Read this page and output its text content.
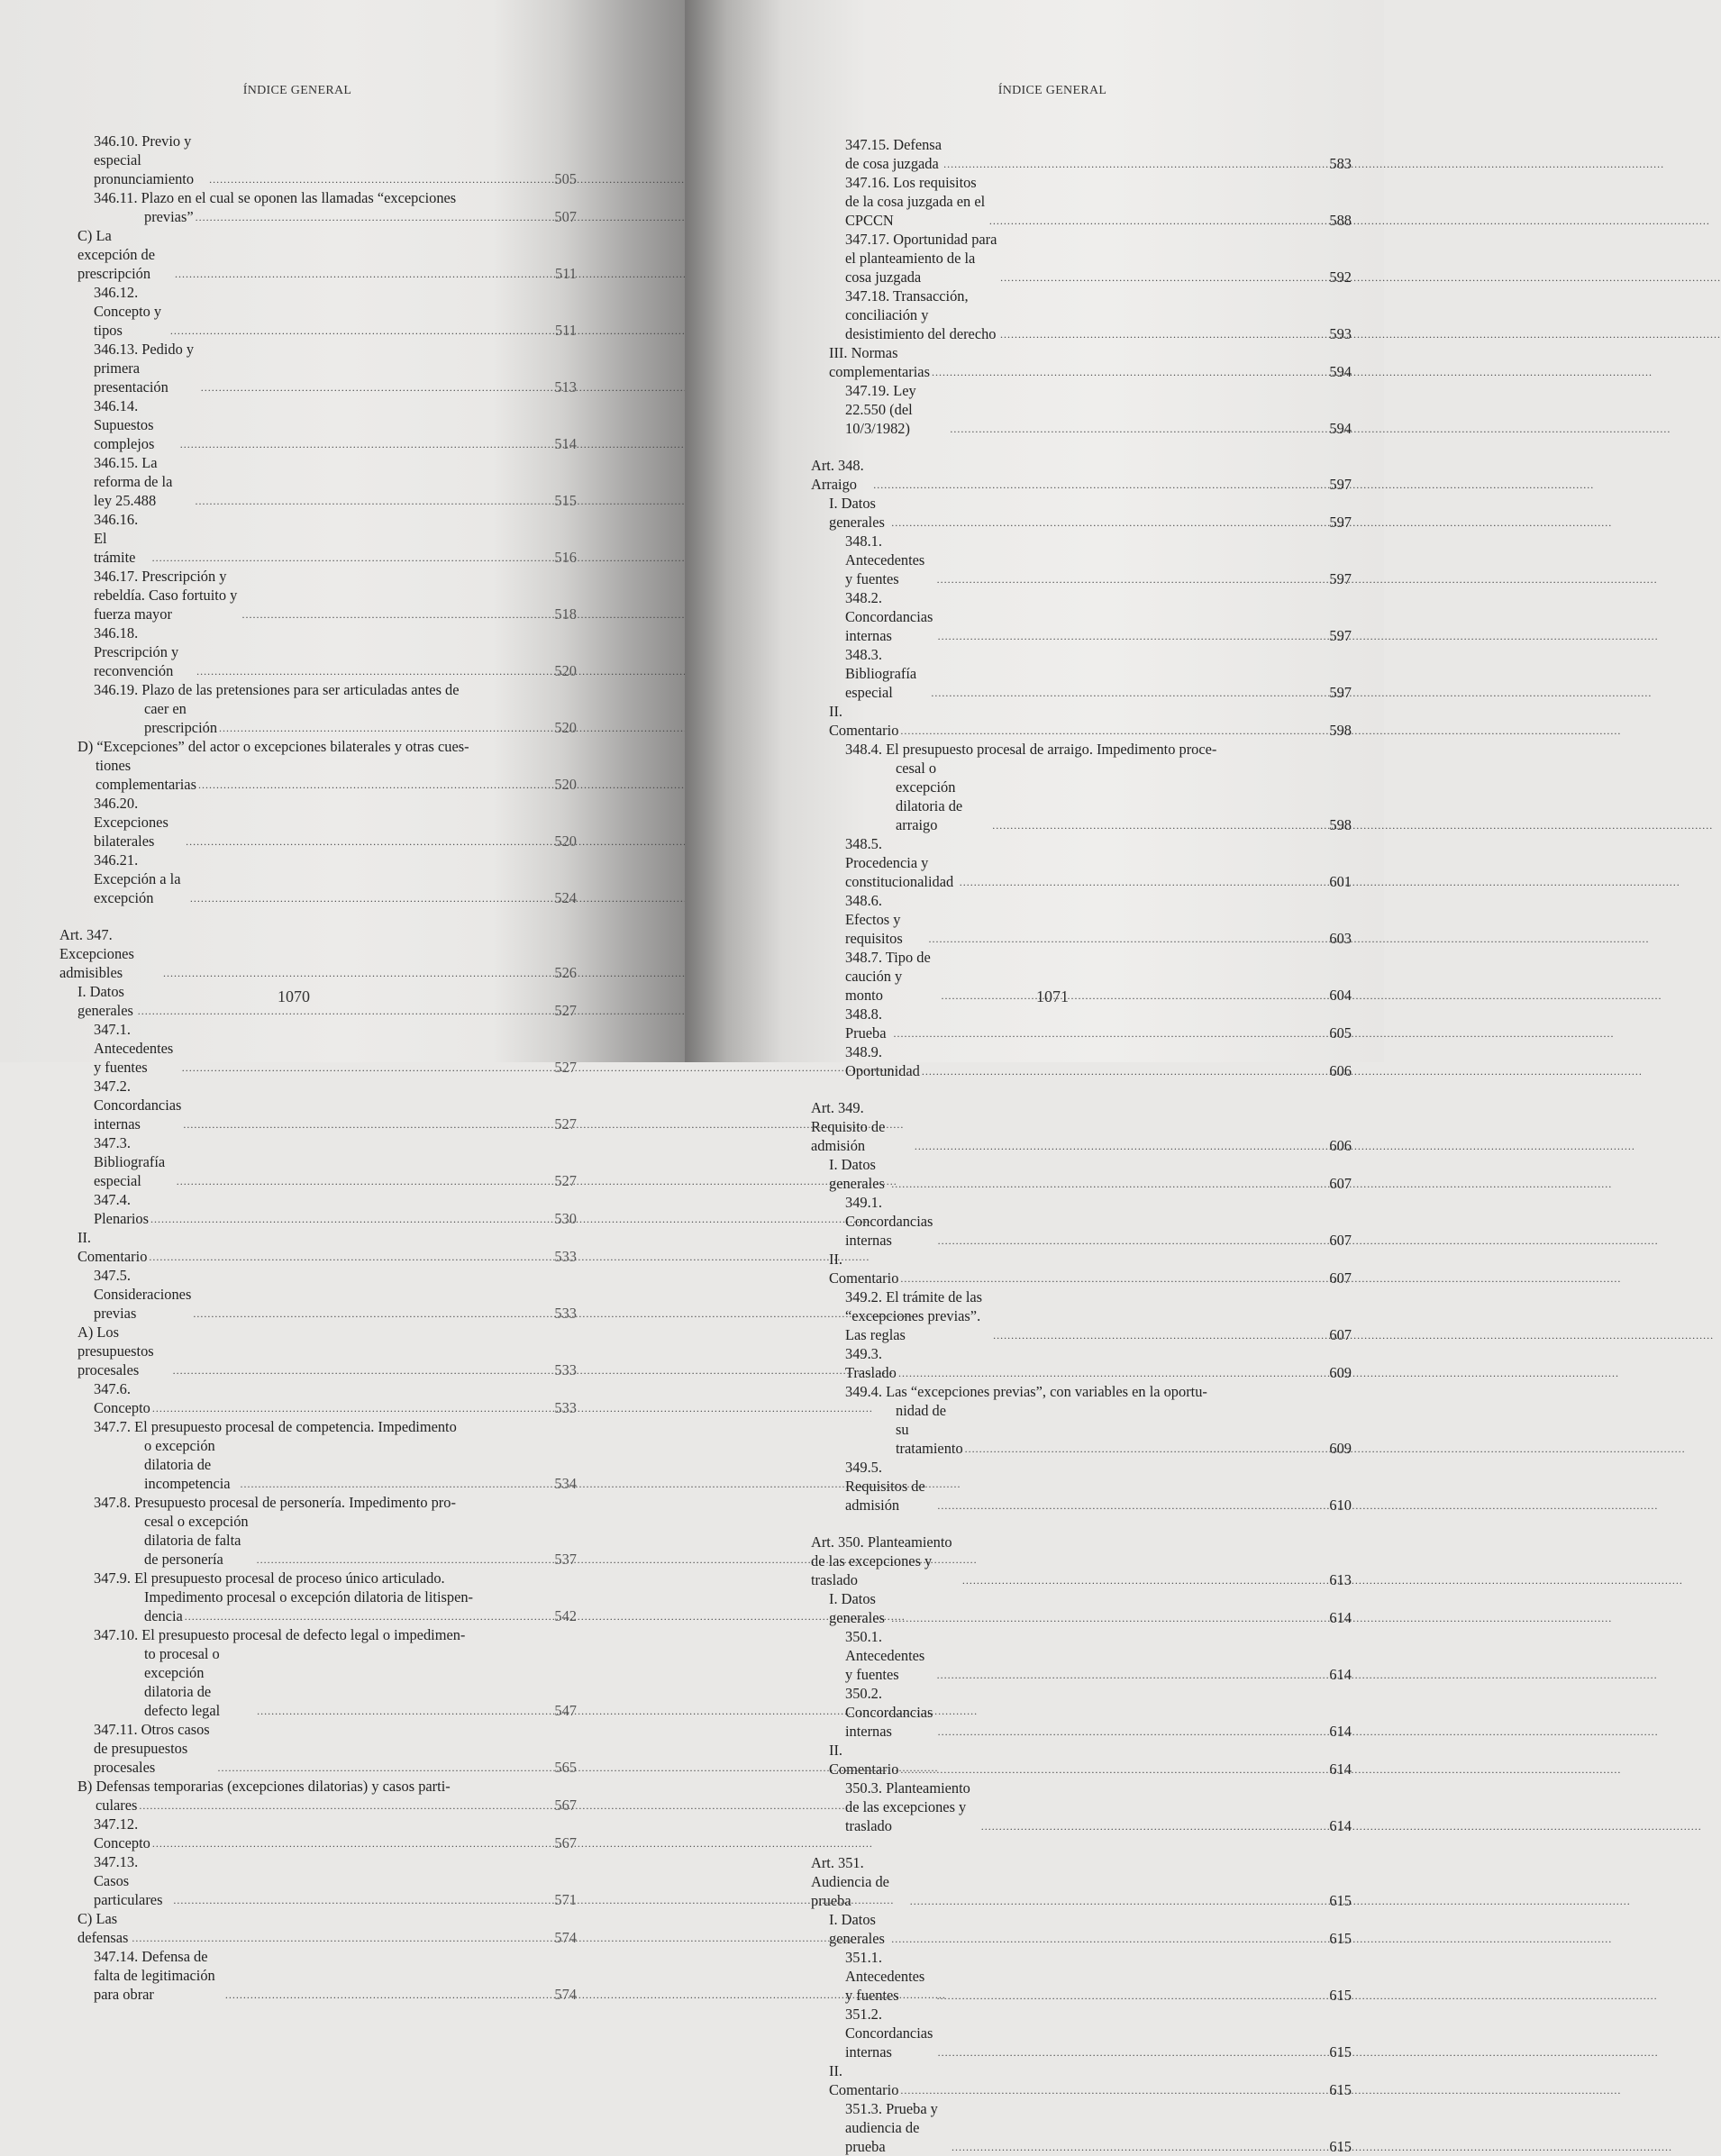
ÍNDICE GENERAL
346.10. Previo y especial pronunciamiento .....	505
346.11. Plazo en el cual se oponen las llamadas “excepciones
previas” .....	507
C) La excepción de prescripción .....	511
346.12. Concepto y tipos .....	511
346.13. Pedido y primera presentación .....	513
346.14. Supuestos complejos .....	514
346.15. La reforma de la ley 25.488 .....	515
346.16. El trámite .....	516
346.17. Prescripción y rebeldía. Caso fortuito y fuerza mayor .....	518
346.18. Prescripción y reconvención .....	520
346.19. Plazo de las pretensiones para ser articuladas antes de
caer en prescripción .....	520
D) “Excepciones” del actor o excepciones bilaterales y otras cues-
tiones complementarias .....	520
346.20. Excepciones bilaterales .....	520
346.21. Excepción a la excepción .....	524
Art. 347. Excepciones admisibles .....	526
I. Datos generales .....	527
347.1. Antecedentes y fuentes .....	527
347.2. Concordancias internas .....	527
347.3. Bibliografía especial .....	527
347.4. Plenarios .....	530
II. Comentario .....	533
347.5. Consideraciones previas .....	533
A) Los presupuestos procesales .....	533
347.6. Concepto .....	533
347.7. El presupuesto procesal de competencia. Impedimento
o excepción dilatoria de incompetencia .....	534
347.8. Presupuesto procesal de personería. Impedimento pro-
cesal o excepción dilatoria de falta de personería .....	537
347.9. El presupuesto procesal de proceso único articulado.
Impedimento procesal o excepción dilatoria de litispen-
dencia .....	542
347.10. El presupuesto procesal de defecto legal o impedimen-
to procesal o excepción dilatoria de defecto legal .....	547
347.11. Otros casos de presupuestos procesales .....	565
B) Defensas temporarias (excepciones dilatorias) y casos parti-
culares .....	567
347.12. Concepto .....	567
347.13. Casos particulares .....	571
C) Las defensas .....	574
347.14. Defensa de falta de legitimación para obrar .....	574
1070
ÍNDICE GENERAL
347.15. Defensa de cosa juzgada .....	583
347.16. Los requisitos de la cosa juzgada en el CPCCN .....	588
347.17. Oportunidad para el planteamiento de la cosa juzgada .....	592
347.18. Transacción, conciliación y desistimiento del derecho .....	593
III. Normas complementarias .....	594
347.19. Ley 22.550 (del 10/3/1982) .....	594
Art. 348. Arraigo .....	597
I. Datos generales .....	597
348.1. Antecedentes y fuentes .....	597
348.2. Concordancias internas .....	597
348.3. Bibliografía especial .....	597
II. Comentario .....	598
348.4. El presupuesto procesal de arraigo. Impedimento proce-
cesal o excepción dilatoria de arraigo .....	598
348.5. Procedencia y constitucionalidad .....	601
348.6. Efectos y requisitos .....	603
348.7. Tipo de caución y monto .....	604
348.8. Prueba .....	605
348.9. Oportunidad .....	606
Art. 349. Requisito de admisión .....	606
I. Datos generales .....	607
349.1. Concordancias internas .....	607
II. Comentario .....	607
349.2. El trámite de las “excepciones previas”. Las reglas .....	607
349.3. Traslado .....	609
349.4. Las “excepciones previas”, con variables en la oportu-
nidad de su tratamiento .....	609
349.5. Requisitos de admisión .....	610
Art. 350. Planteamiento de las excepciones y traslado .....	613
I. Datos generales .....	614
350.1. Antecedentes y fuentes .....	614
350.2. Concordancias internas .....	614
II. Comentario .....	614
350.3. Planteamiento de las excepciones y traslado .....	614
Art. 351. Audiencia de prueba .....	615
I. Datos generales .....	615
351.1. Antecedentes y fuentes .....	615
351.2. Concordancias internas .....	615
II. Comentario .....	615
351.3. Prueba y audiencia de prueba .....	615
1071
